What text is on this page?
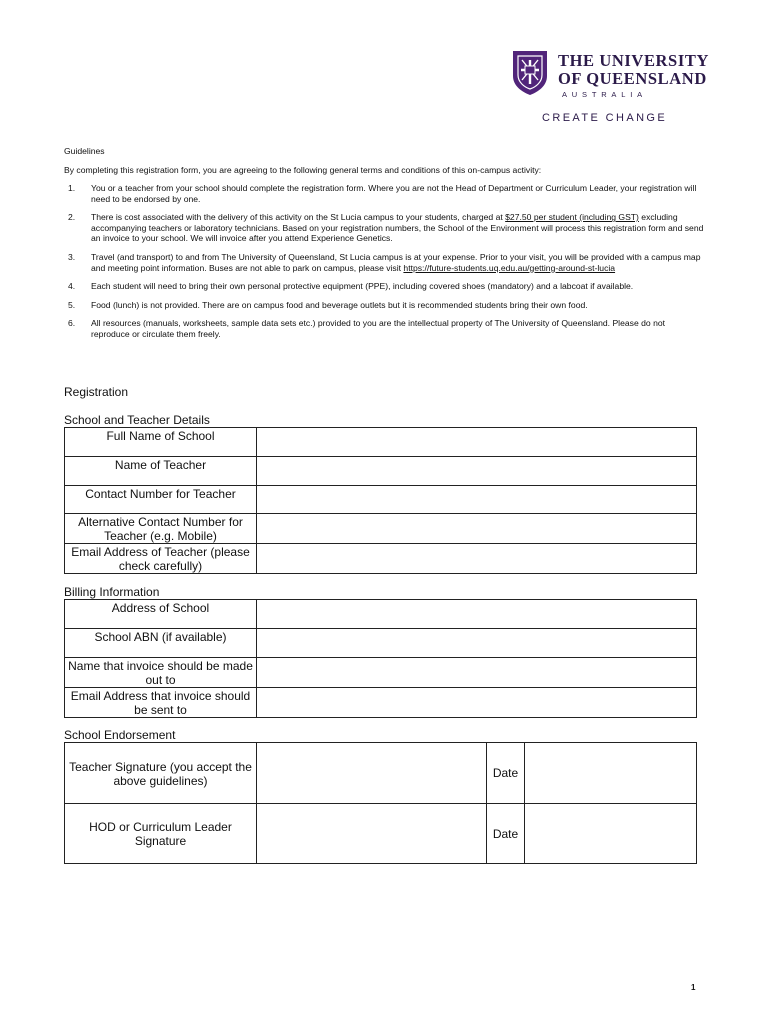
THE UNIVERSITY
OF QUEENSLAND
AUSTRALIA
CREATE CHANGE
Guidelines
By completing this registration form, you are agreeing to the following general terms and conditions of this on-campus activity:
1. You or a teacher from your school should complete the registration form. Where you are not the Head of Department or Curriculum Leader, your registration will need to be endorsed by one.
2. There is cost associated with the delivery of this activity on the St Lucia campus to your students, charged at $27.50 per student (including GST) excluding accompanying teachers or laboratory technicians. Based on your registration numbers, the School of the Environment will process this registration form and send an invoice to your school. We will invoice after you attend Experience Genetics.
3. Travel (and transport) to and from The University of Queensland, St Lucia campus is at your expense. Prior to your visit, you will be provided with a campus map and meeting point information. Buses are not able to park on campus, please visit https://future-students.uq.edu.au/getting-around-st-lucia
4. Each student will need to bring their own personal protective equipment (PPE), including covered shoes (mandatory) and a labcoat if available.
5. Food (lunch) is not provided. There are on campus food and beverage outlets but it is recommended students bring their own food.
6. All resources (manuals, worksheets, sample data sets etc.) provided to you are the intellectual property of The University of Queensland. Please do not reproduce or circulate them freely.
Registration
School and Teacher Details
Full Name of School	
Name of Teacher	
Contact Number for Teacher	
Alternative Contact Number for Teacher (e.g. Mobile)	
Email Address of Teacher (please check carefully)	
Billing Information
Address of School	
School ABN (if available)	
Name that invoice should be made out to	
Email Address that invoice should be sent to	
School Endorsement
Teacher Signature (you accept the above guidelines)		Date	
HOD or Curriculum Leader Signature		Date	
1
